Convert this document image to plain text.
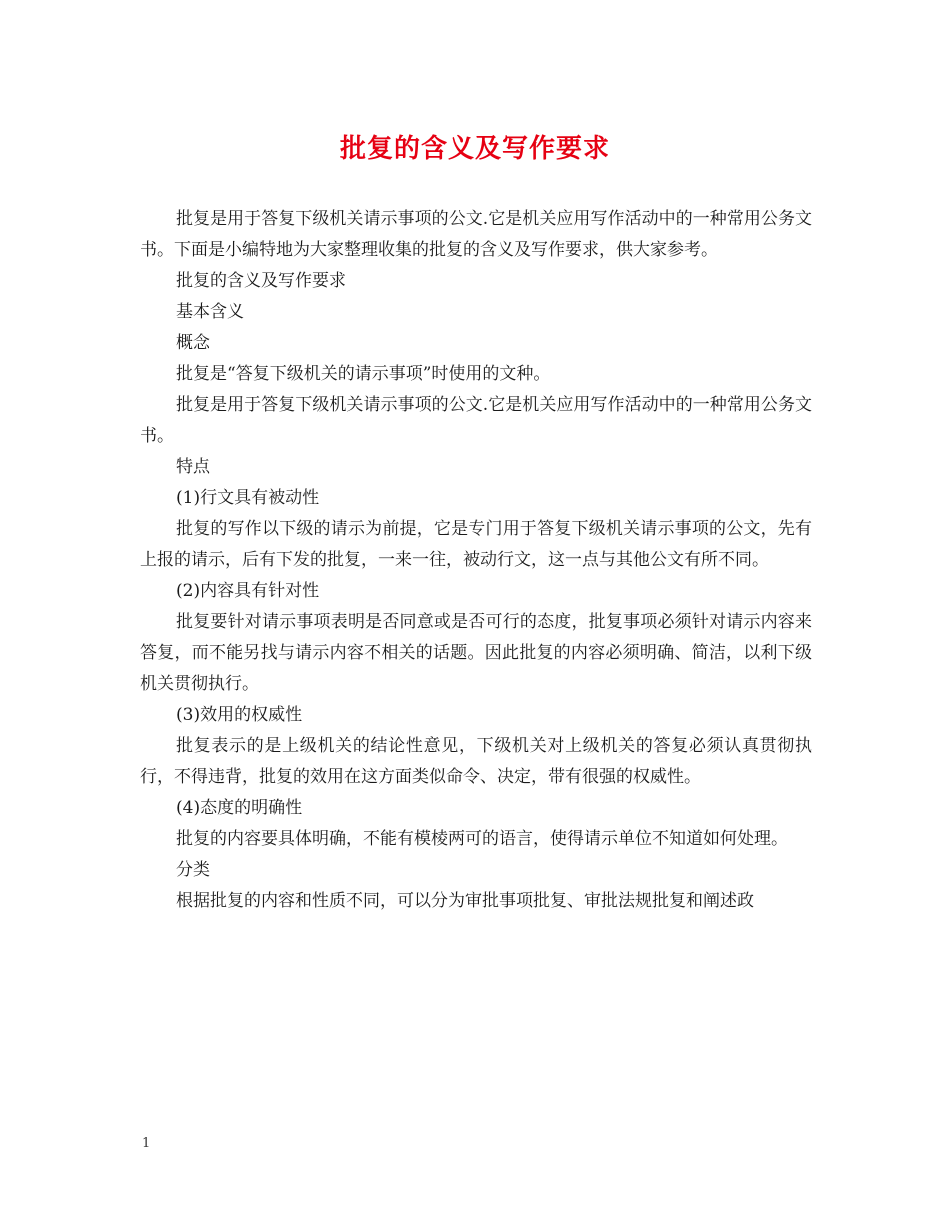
批复的含义及写作要求

批复是用于答复下级机关请示事项的公文.它是机关应用写作活动中的一种常用公务文书。下面是小编特地为大家整理收集的批复的含义及写作要求，供大家参考。

批复的含义及写作要求

基本含义

概念

批复是“答复下级机关的请示事项”时使用的文种。

批复是用于答复下级机关请示事项的公文.它是机关应用写作活动中的一种常用公务文书。

特点

(1)行文具有被动性

批复的写作以下级的请示为前提，它是专门用于答复下级机关请示事项的公文，先有上报的请示，后有下发的批复，一来一往，被动行文，这一点与其他公文有所不同。

(2)内容具有针对性

批复要针对请示事项表明是否同意或是否可行的态度，批复事项必须针对请示内容来答复，而不能另找与请示内容不相关的话题。因此批复的内容必须明确、简洁，以利下级机关贯彻执行。

(3)效用的权威性

批复表示的是上级机关的结论性意见，下级机关对上级机关的答复必须认真贯彻执行，不得违背，批复的效用在这方面类似命令、决定，带有很强的权威性。

(4)态度的明确性

批复的内容要具体明确，不能有模棱两可的语言，使得请示单位不知道如何处理。

分类

根据批复的内容和性质不同，可以分为审批事项批复、审批法规批复和阐述政

1
